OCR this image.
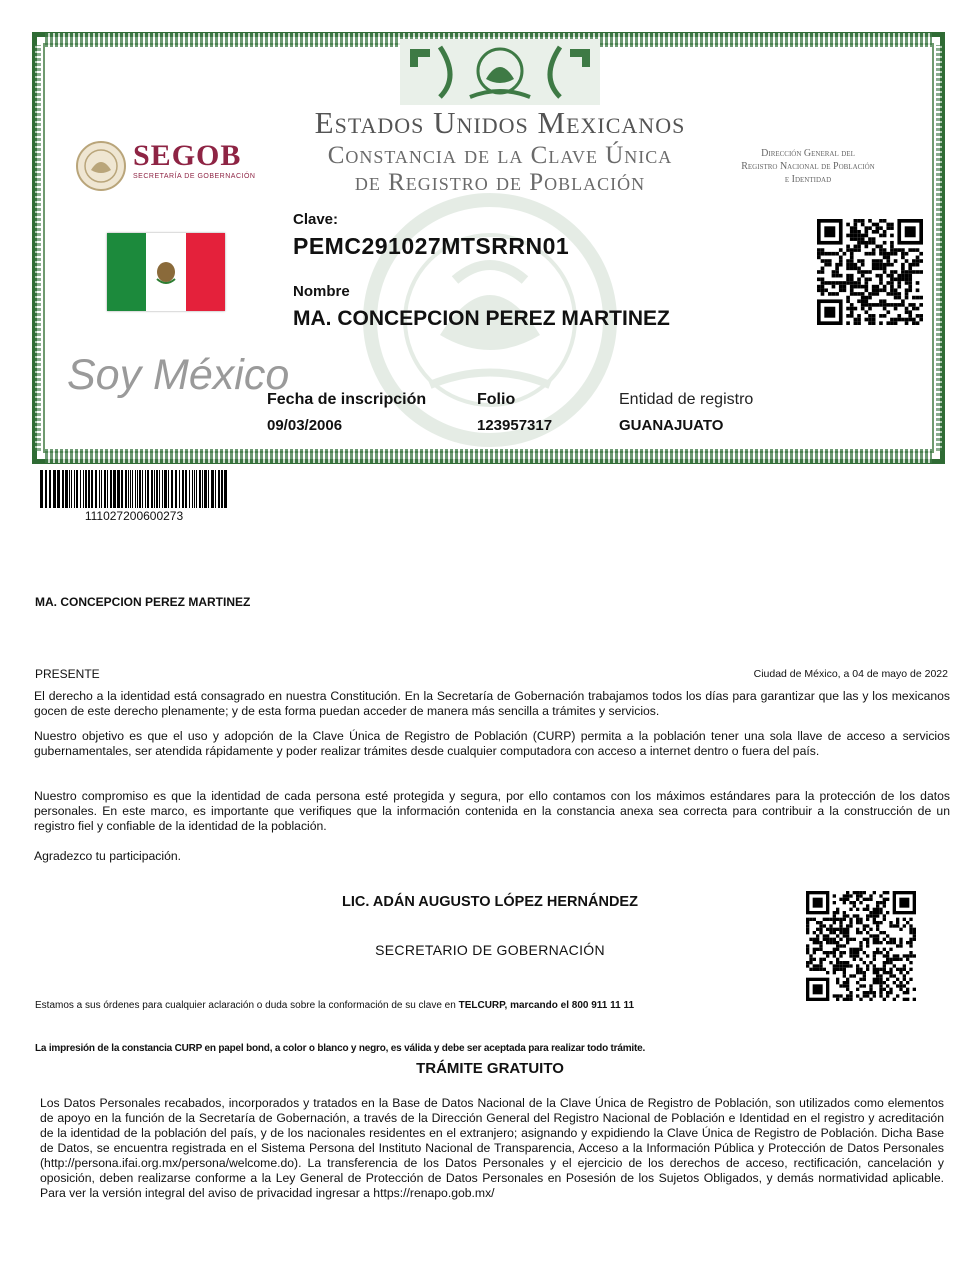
Estados Unidos Mexicanos
Constancia de la Clave Única
de Registro de Población
SEGOB
SECRETARÍA DE GOBERNACIÓN
Dirección General del
Registro Nacional de Población
e Identidad
Soy México
Clave:
PEMC291027MTSRRN01
Nombre
MA. CONCEPCION PEREZ MARTINEZ
Fecha de inscripción
09/03/2006
Folio
123957317
Entidad de registro
GUANAJUATO
111027200600273
MA. CONCEPCION PEREZ MARTINEZ
PRESENTE	Ciudad de México, a 04 de mayo de 2022
El derecho a la identidad está consagrado en nuestra Constitución. En la Secretaría de Gobernación trabajamos todos los días para garantizar que las y los mexicanos gocen de este derecho plenamente; y de esta forma puedan acceder de manera más sencilla a trámites y servicios.
Nuestro objetivo es que el uso y adopción de la Clave Única de Registro de Población (CURP) permita a la población tener una sola llave de acceso a servicios gubernamentales, ser atendida rápidamente y poder realizar trámites desde cualquier computadora con acceso a internet dentro o fuera del país.
Nuestro compromiso es que la identidad de cada persona esté protegida y segura, por ello contamos con los máximos estándares para la protección de los datos personales. En este marco, es importante que verifiques que la información contenida en la constancia anexa sea correcta para contribuir a la construcción de un registro fiel y confiable de la identidad de la población.
Agradezco tu participación.
LIC. ADÁN AUGUSTO LÓPEZ HERNÁNDEZ
SECRETARIO DE GOBERNACIÓN
Estamos a sus órdenes para cualquier aclaración o duda sobre la conformación de su clave en TELCURP, marcando el 800 911 11 11
La impresión de la constancia CURP en papel bond, a color o blanco y negro, es válida y debe ser aceptada para realizar todo trámite.
TRÁMITE GRATUITO
Los Datos Personales recabados, incorporados y tratados en la Base de Datos Nacional de la Clave Única de Registro de Población, son utilizados como elementos de apoyo en la función de la Secretaría de Gobernación, a través de la Dirección General del Registro Nacional de Población e Identidad en el registro y acreditación de la identidad de la población del país, y de los nacionales residentes en el extranjero; asignando y expidiendo la Clave Única de Registro de Población. Dicha Base de Datos, se encuentra registrada en el Sistema Persona del Instituto Nacional de Transparencia, Acceso a la Información Pública y Protección de Datos Personales (http://persona.ifai.org.mx/persona/welcome.do). La transferencia de los Datos Personales y el ejercicio de los derechos de acceso, rectificación, cancelación y oposición, deben realizarse conforme a la Ley General de Protección de Datos Personales en Posesión de los Sujetos Obligados, y demás normatividad aplicable. Para ver la versión integral del aviso de privacidad ingresar a https://renapo.gob.mx/
